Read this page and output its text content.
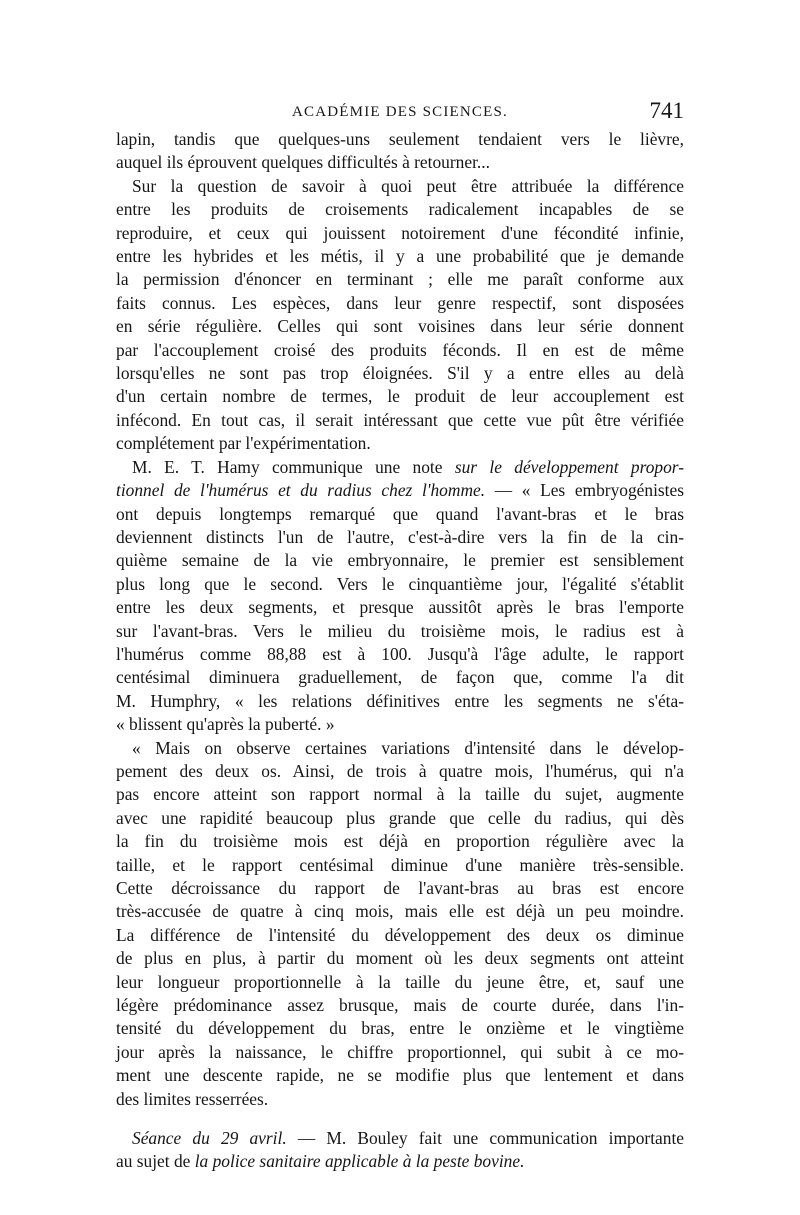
ACADÉMIE DES SCIENCES.	741
lapin, tandis que quelques-uns seulement tendaient vers le lièvre,
auquel ils éprouvent quelques difficultés à retourner...
Sur la question de savoir à quoi peut être attribuée la différence
entre les produits de croisements radicalement incapables de se
reproduire, et ceux qui jouissent notoirement d'une fécondité infinie,
entre les hybrides et les métis, il y a une probabilité que je demande
la permission d'énoncer en terminant ; elle me paraît conforme aux
faits connus. Les espèces, dans leur genre respectif, sont disposées
en série régulière. Celles qui sont voisines dans leur série donnent
par l'accouplement croisé des produits féconds. Il en est de même
lorsqu'elles ne sont pas trop éloignées. S'il y a entre elles au delà
d'un certain nombre de termes, le produit de leur accouplement est
infécond. En tout cas, il serait intéressant que cette vue pût être vérifiée
complétement par l'expérimentation.
M. E. T. Hamy communique une note sur le développement propor-
tionnel de l'humérus et du radius chez l'homme. — « Les embryogénistes
ont depuis longtemps remarqué que quand l'avant-bras et le bras
deviennent distincts l'un de l'autre, c'est-à-dire vers la fin de la cin-
quième semaine de la vie embryonnaire, le premier est sensiblement
plus long que le second. Vers le cinquantième jour, l'égalité s'établit
entre les deux segments, et presque aussitôt après le bras l'emporte
sur l'avant-bras. Vers le milieu du troisième mois, le radius est à
l'humérus comme 88,88 est à 100. Jusqu'à l'âge adulte, le rapport
centésimal diminuera graduellement, de façon que, comme l'a dit
M. Humphry, « les relations définitives entre les segments ne s'éta-
« blissent qu'après la puberté. »
« Mais on observe certaines variations d'intensité dans le dévelop-
pement des deux os. Ainsi, de trois à quatre mois, l'humérus, qui n'a
pas encore atteint son rapport normal à la taille du sujet, augmente
avec une rapidité beaucoup plus grande que celle du radius, qui dès
la fin du troisième mois est déjà en proportion régulière avec la
taille, et le rapport centésimal diminue d'une manière très-sensible.
Cette décroissance du rapport de l'avant-bras au bras est encore
très-accusée de quatre à cinq mois, mais elle est déjà un peu moindre.
La différence de l'intensité du développement des deux os diminue
de plus en plus, à partir du moment où les deux segments ont atteint
leur longueur proportionnelle à la taille du jeune être, et, sauf une
légère prédominance assez brusque, mais de courte durée, dans l'in-
tensité du développement du bras, entre le onzième et le vingtième
jour après la naissance, le chiffre proportionnel, qui subit à ce mo-
ment une descente rapide, ne se modifie plus que lentement et dans
des limites resserrées.
Séance du 29 avril. — M. Bouley fait une communication importante
au sujet de la police sanitaire applicable à la peste bovine.
